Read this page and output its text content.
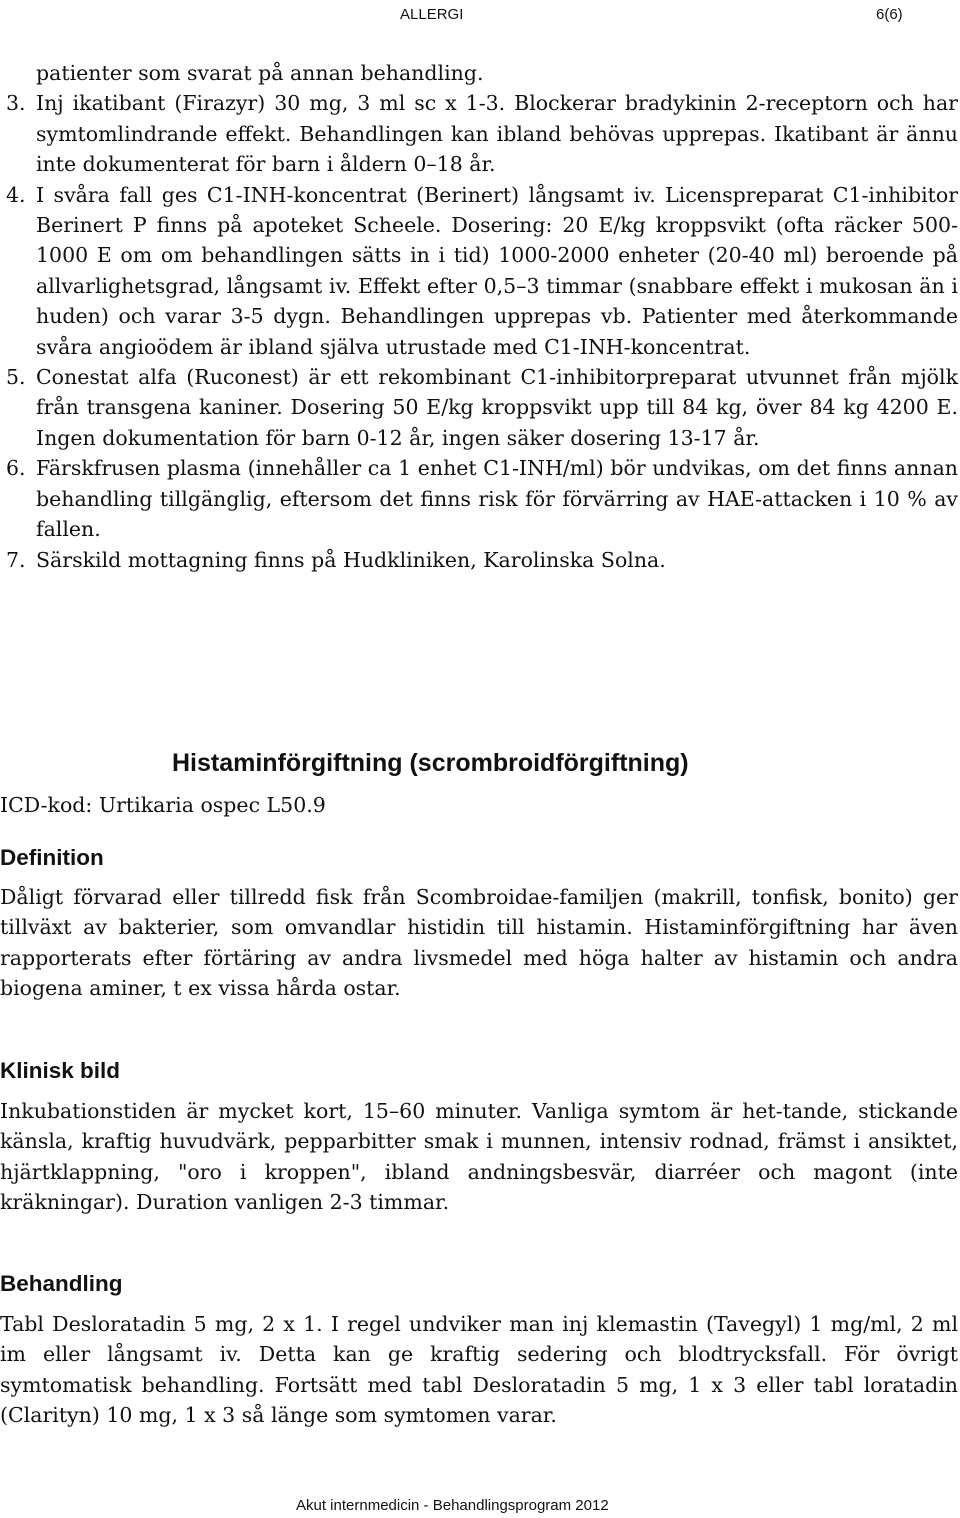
ALLERGI	6(6)
patienter som svarat på annan behandling.
3. Inj ikatibant (Firazyr) 30 mg, 3 ml sc x 1-3. Blockerar bradykinin 2-receptorn och har symtomlindrande effekt. Behandlingen kan ibland behövas upprepas. Ikatibant är ännu inte dokumenterat för barn i åldern 0–18 år.
4. I svåra fall ges C1-INH-koncentrat (Berinert) långsamt iv. Licenspreparat C1-inhibitor Berinert P finns på apoteket Scheele. Dosering: 20 E/kg kroppsvikt (ofta räcker 500-1000 E om om behandlingen sätts in i tid) 1000-2000 enheter (20-40 ml) beroende på allvarlighetsgrad, långsamt iv. Effekt efter 0,5–3 timmar (snabbare effekt i mukosan än i huden) och varar 3-5 dygn. Behandlingen upprepas vb. Patienter med återkommande svåra angioödem är ibland själva utrustade med C1-INH-koncentrat.
5. Conestat alfa (Ruconest) är ett rekombinant C1-inhibitorpreparat utvunnet från mjölk från transgena kaniner. Dosering 50 E/kg kroppsvikt upp till 84 kg, över 84 kg 4200 E. Ingen dokumentation för barn 0-12 år, ingen säker dosering 13-17 år.
6. Färskfrusen plasma (innehåller ca 1 enhet C1-INH/ml) bör undvikas, om det finns annan behandling tillgänglig, eftersom det finns risk för förvärring av HAE-attacken i 10 % av fallen.
7. Särskild mottagning finns på Hudkliniken, Karolinska Solna.
Histaminförgiftning (scrombroidförgiftning)
ICD-kod: Urtikaria ospec L50.9
Definition
Dåligt förvarad eller tillredd fisk från Scombroidae-familjen (makrill, tonfisk, bonito) ger tillväxt av bakterier, som omvandlar histidin till histamin. Histaminförgiftning har även rapporterats efter förtäring av andra livsmedel med höga halter av histamin och andra biogena aminer, t ex vissa hårda ostar.
Klinisk bild
Inkubationstiden är mycket kort, 15–60 minuter. Vanliga symtom är het-tande, stickande känsla, kraftig huvudvärk, pepparbitter smak i munnen, intensiv rodnad, främst i ansiktet, hjärtklappning, "oro i kroppen", ibland andningsbesvär, diarréer och magont (inte kräkningar). Duration vanligen 2-3 timmar.
Behandling
Tabl Desloratadin 5 mg, 2 x 1. I regel undviker man inj klemastin (Tavegyl) 1 mg/ml, 2 ml im eller långsamt iv. Detta kan ge kraftig sedering och blodtrycksfall. För övrigt symtomatisk behandling. Fortsätt med tabl Desloratadin 5 mg, 1 x 3 eller tabl loratadin (Clarityn) 10 mg, 1 x 3 så länge som symtomen varar.
Akut internmedicin - Behandlingsprogram 2012
